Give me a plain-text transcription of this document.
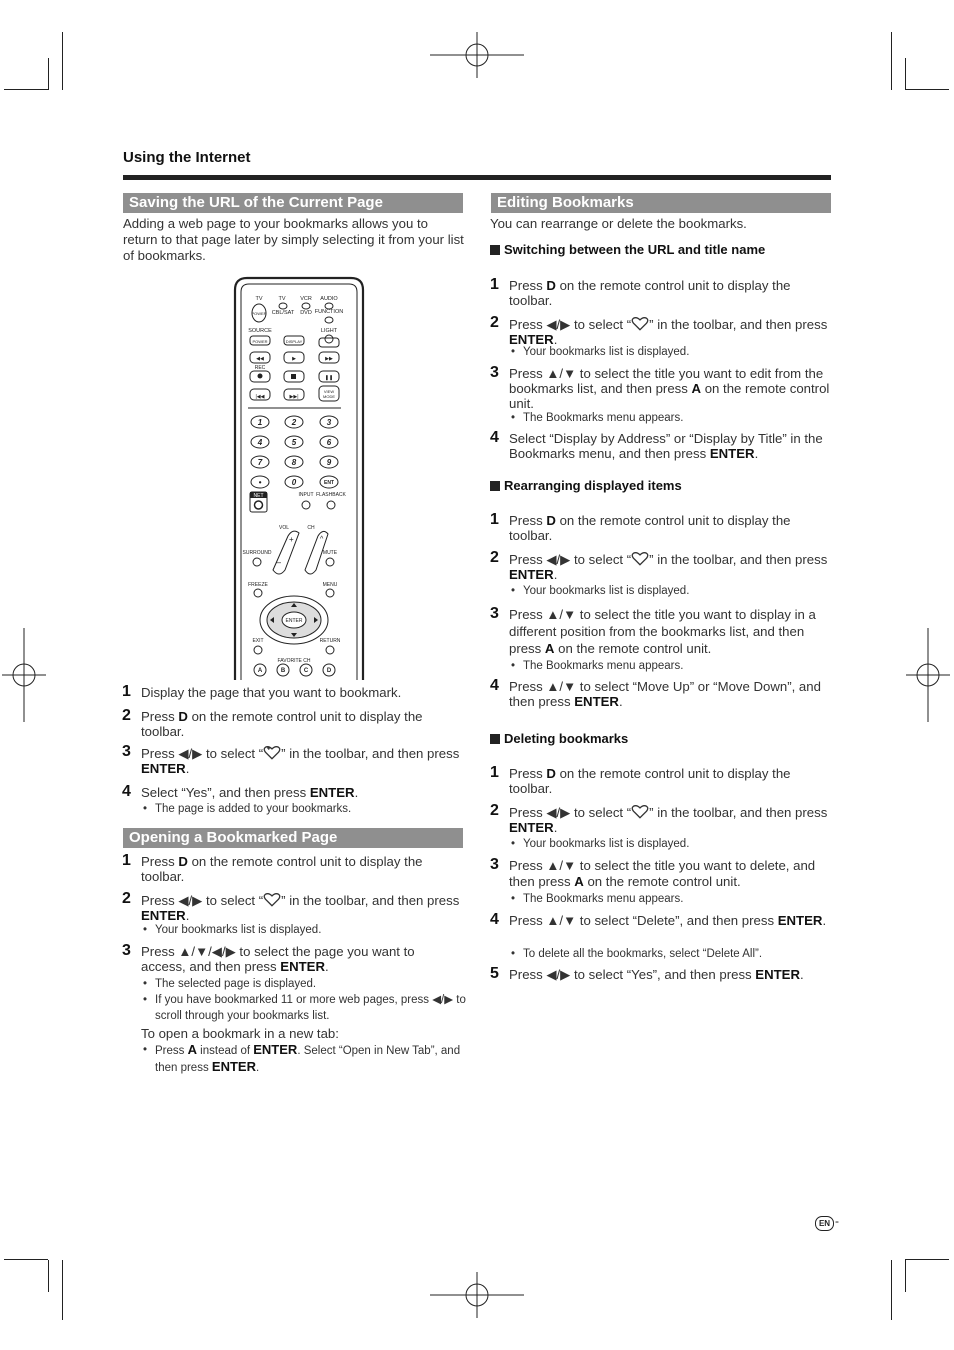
Using the Internet
Saving the URL of the Current Page
Adding a web page to your bookmarks allows you to return to that page later by simply selecting it from your list of bookmarks.
TV	TV	VCR AUDIO
POWER CBL/SAT DVD FUNCTION
SOURCE	LIGHT
POWER	DISPLAY
◀◀	▶	▶▶
REC
❚❚
|◀◀	▶▶|
VIEW
MODE
1	2	3
4	5	6
7	8	9
•	0	ENT
NET	INPUT FLASHBACK
VOL	CH
SURROUND	MUTE
FREEZE	MENU
EXIT	RETURN
FAVORITE CH
+
–
^
ENTER
A	B	C	D
1 Display the page that you want to bookmark.
2 Press D on the remote control unit to display the toolbar.
3 Press ◀/▶ to select “ ” in the toolbar, and then press ENTER.
4 Select “Yes”, and then press ENTER.
• The page is added to your bookmarks.
Opening a Bookmarked Page
1 Press D on the remote control unit to display the toolbar.
2 Press ◀/▶ to select “ ” in the toolbar, and then press ENTER.
• Your bookmarks list is displayed.
3 Press ▲/▼/◀/▶ to select the page you want to access, and then press ENTER.
• The selected page is displayed.
• If you have bookmarked 11 or more web pages, press ◀/▶ to scroll through your bookmarks list.
To open a bookmark in a new tab:
• Press A instead of ENTER. Select “Open in New Tab”, and then press ENTER.
Editing Bookmarks
You can rearrange or delete the bookmarks.
Switching between the URL and title name
1 Press D on the remote control unit to display the toolbar.
2 Press ◀/▶ to select “ ” in the toolbar, and then press ENTER.
• Your bookmarks list is displayed.
3 Press ▲/▼ to select the title you want to edit from the bookmarks list, and then press A on the remote control unit.
• The Bookmarks menu appears.
4 Select “Display by Address” or “Display by Title” in the Bookmarks menu, and then press ENTER.
Rearranging displayed items
1 Press D on the remote control unit to display the toolbar.
2 Press ◀/▶ to select “ ” in the toolbar, and then press ENTER.
• Your bookmarks list is displayed.
3 Press ▲/▼ to select the title you want to display in a different position from the bookmarks list, and then press A on the remote control unit.
• The Bookmarks menu appears.
4 Press ▲/▼ to select “Move Up” or “Move Down”, and then press ENTER.
Deleting bookmarks
1 Press D on the remote control unit to display the toolbar.
2 Press ◀/▶ to select “ ” in the toolbar, and then press ENTER.
• Your bookmarks list is displayed.
3 Press ▲/▼ to select the title you want to delete, and then press A on the remote control unit.
• The Bookmarks menu appears.
4 Press ▲/▼ to select “Delete”, and then press ENTER.
• To delete all the bookmarks, select “Delete All”.
5 Press ◀/▶ to select “Yes”, and then press ENTER.
EN -
